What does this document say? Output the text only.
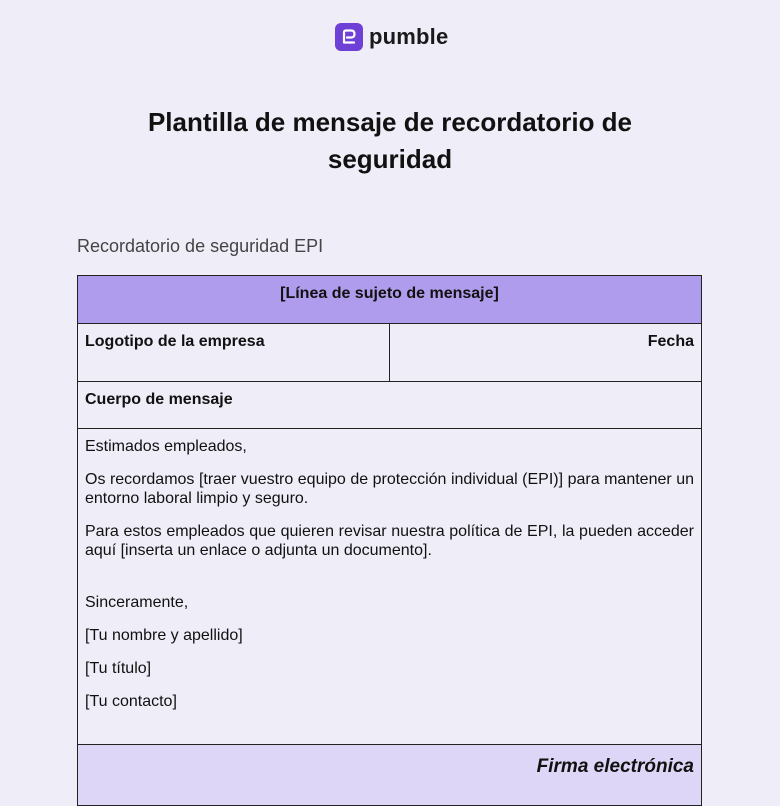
pumble
Plantilla de mensaje de recordatorio de seguridad
Recordatorio de seguridad EPI
[Línea de sujeto de mensaje]
Logotipo de la empresa	Fecha
Cuerpo de mensaje

Estimados empleados,

Os recordamos [traer vuestro equipo de protección individual (EPI)] para mantener un entorno laboral limpio y seguro.

Para estos empleados que quieren revisar nuestra política de EPI, la pueden acceder aquí [inserta un enlace o adjunta un documento].

Sinceramente,

[Tu nombre y apellido]

[Tu título]

[Tu contacto]

Firma electrónica
